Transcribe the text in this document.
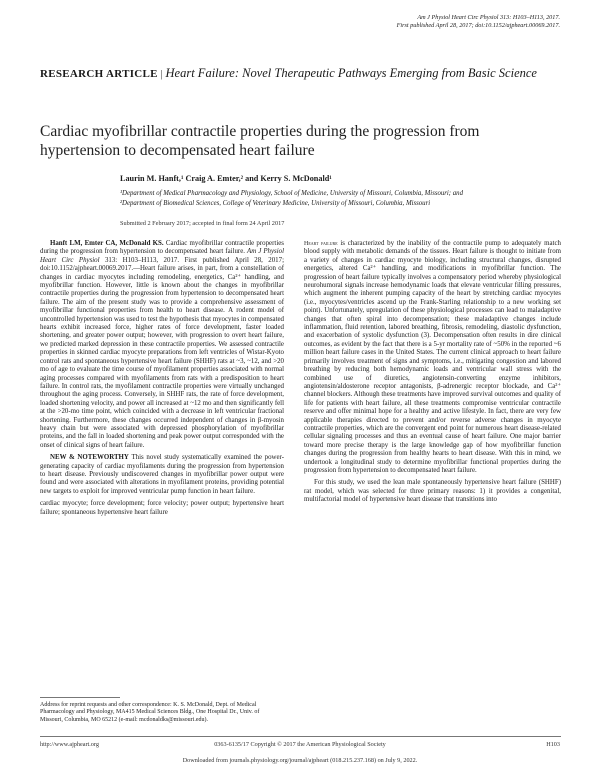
Am J Physiol Heart Circ Physiol 313: H103–H113, 2017.
First published April 28, 2017; doi:10.1152/ajpheart.00069.2017.
RESEARCH ARTICLE | Heart Failure: Novel Therapeutic Pathways Emerging from Basic Science
Cardiac myofibrillar contractile properties during the progression from hypertension to decompensated heart failure
Laurin M. Hanft,¹ Craig A. Emter,² and Kerry S. McDonald¹
¹Department of Medical Pharmacology and Physiology, School of Medicine, University of Missouri, Columbia, Missouri; and
²Department of Biomedical Sciences, College of Veterinary Medicine, University of Missouri, Columbia, Missouri
Submitted 2 February 2017; accepted in final form 24 April 2017

Hanft LM, Emter CA, McDonald KS. Cardiac myofibrillar contractile properties during the progression from hypertension to decompensated heart failure. Am J Physiol Heart Circ Physiol 313: H103–H113, 2017. First published April 28, 2017; doi:10.1152/ajpheart.00069.2017.—Heart failure arises, in part, from a constellation of changes in cardiac myocytes including remodeling, energetics, Ca²⁺ handling, and myofibrillar function. However, little is known about the changes in myofibrillar contractile properties during the progression from hypertension to decompensated heart failure. The aim of the present study was to provide a comprehensive assessment of myofibrillar functional properties from health to heart disease. A rodent model of uncontrolled hypertension was used to test the hypothesis that myocytes in compensated hearts exhibit increased force, higher rates of force development, faster loaded shortening, and greater power output; however, with progression to overt heart failure, we predicted marked depression in these contractile properties. We assessed contractile properties in skinned cardiac myocyte preparations from left ventricles of Wistar-Kyoto control rats and spontaneous hypertensive heart failure (SHHF) rats at ~3, ~12, and >20 mo of age to evaluate the time course of myofilament properties associated with normal aging processes compared with myofilaments from rats with a predisposition to heart failure. In control rats, the myofilament contractile properties were virtually unchanged throughout the aging process. Conversely, in SHHF rats, the rate of force development, loaded shortening velocity, and power all increased at ~12 mo and then significantly fell at the >20-mo time point, which coincided with a decrease in left ventricular fractional shortening. Furthermore, these changes occurred independent of changes in β-myosin heavy chain but were associated with depressed phosphorylation of myofibrillar proteins, and the fall in loaded shortening and peak power output corresponded with the onset of clinical signs of heart failure.

NEW & NOTEWORTHY This novel study systematically examined the power-generating capacity of cardiac myofilaments during the progression from hypertension to heart disease. Previously undiscovered changes in myofibrillar power output were found and were associated with alterations in myofilament proteins, providing potential new targets to exploit for improved ventricular pump function in heart failure.

cardiac myocyte; force development; force velocity; power output; hypertensive heart failure; spontaneous hypertensive heart failure

Address for reprint requests and other correspondence: K. S. McDonald, Dept. of Medical Pharmacology and Physiology, MA415 Medical Sciences Bldg., One Hospital Dr., Univ. of Missouri, Columbia, MO 65212 (e-mail: mcdonaldks@missouri.edu).

Heart failure is characterized by the inability of the contractile pump to adequately match blood supply with metabolic demands of the tissues. Heart failure is thought to initiate from a variety of changes in cardiac myocyte biology, including structural changes, disrupted energetics, altered Ca²⁺ handling, and modifications in myofibrillar function. The progression of heart failure typically involves a compensatory period whereby physiological neurohumoral signals increase hemodynamic loads that elevate ventricular filling pressures, which augment the inherent pumping capacity of the heart by stretching cardiac myocytes (i.e., myocytes/ventricles ascend up the Frank-Starling relationship to a new working set point). Unfortunately, upregulation of these physiological processes can lead to maladaptive changes that often spiral into decompensation; these maladaptive changes include inflammation, fluid retention, labored breathing, fibrosis, remodeling, diastolic dysfunction, and exacerbation of systolic dysfunction (3). Decompensation often results in dire clinical outcomes, as evident by the fact that there is a 5-yr mortality rate of ~50% in the reported ~6 million heart failure cases in the United States. The current clinical approach to heart failure primarily involves treatment of signs and symptoms, i.e., mitigating congestion and labored breathing by reducing both hemodynamic loads and ventricular wall stress with the combined use of diuretics, angiotensin-converting enzyme inhibitors, angiotensin/aldosterone receptor antagonists, β-adrenergic receptor blockade, and Ca²⁺ channel blockers. Although these treatments have improved survival outcomes and quality of life for patients with heart failure, all these treatments compromise ventricular contractile reserve and offer minimal hope for a healthy and active lifestyle. In fact, there are very few applicable therapies directed to prevent and/or reverse adverse changes in myocyte contractile properties, which are the convergent end point for numerous heart disease-related cellular signaling processes and thus an eventual cause of heart failure. One major barrier toward more precise therapy is the large knowledge gap of how myofibrillar function changes during the progression from healthy hearts to heart disease. With this in mind, we undertook a longitudinal study to determine myofibrillar functional properties during the progression from hypertension to decompensated heart failure.

For this study, we used the lean male spontaneously hypertensive heart failure (SHHF) rat model, which was selected for three primary reasons: 1) it provides a congenital, multifactorial model of hypertensive heart disease that transitions into

http://www.ajpheart.org	0363-6135/17 Copyright © 2017 the American Physiological Society	H103
Downloaded from journals.physiology.org/journal/ajpheart (018.215.237.168) on July 9, 2022.
